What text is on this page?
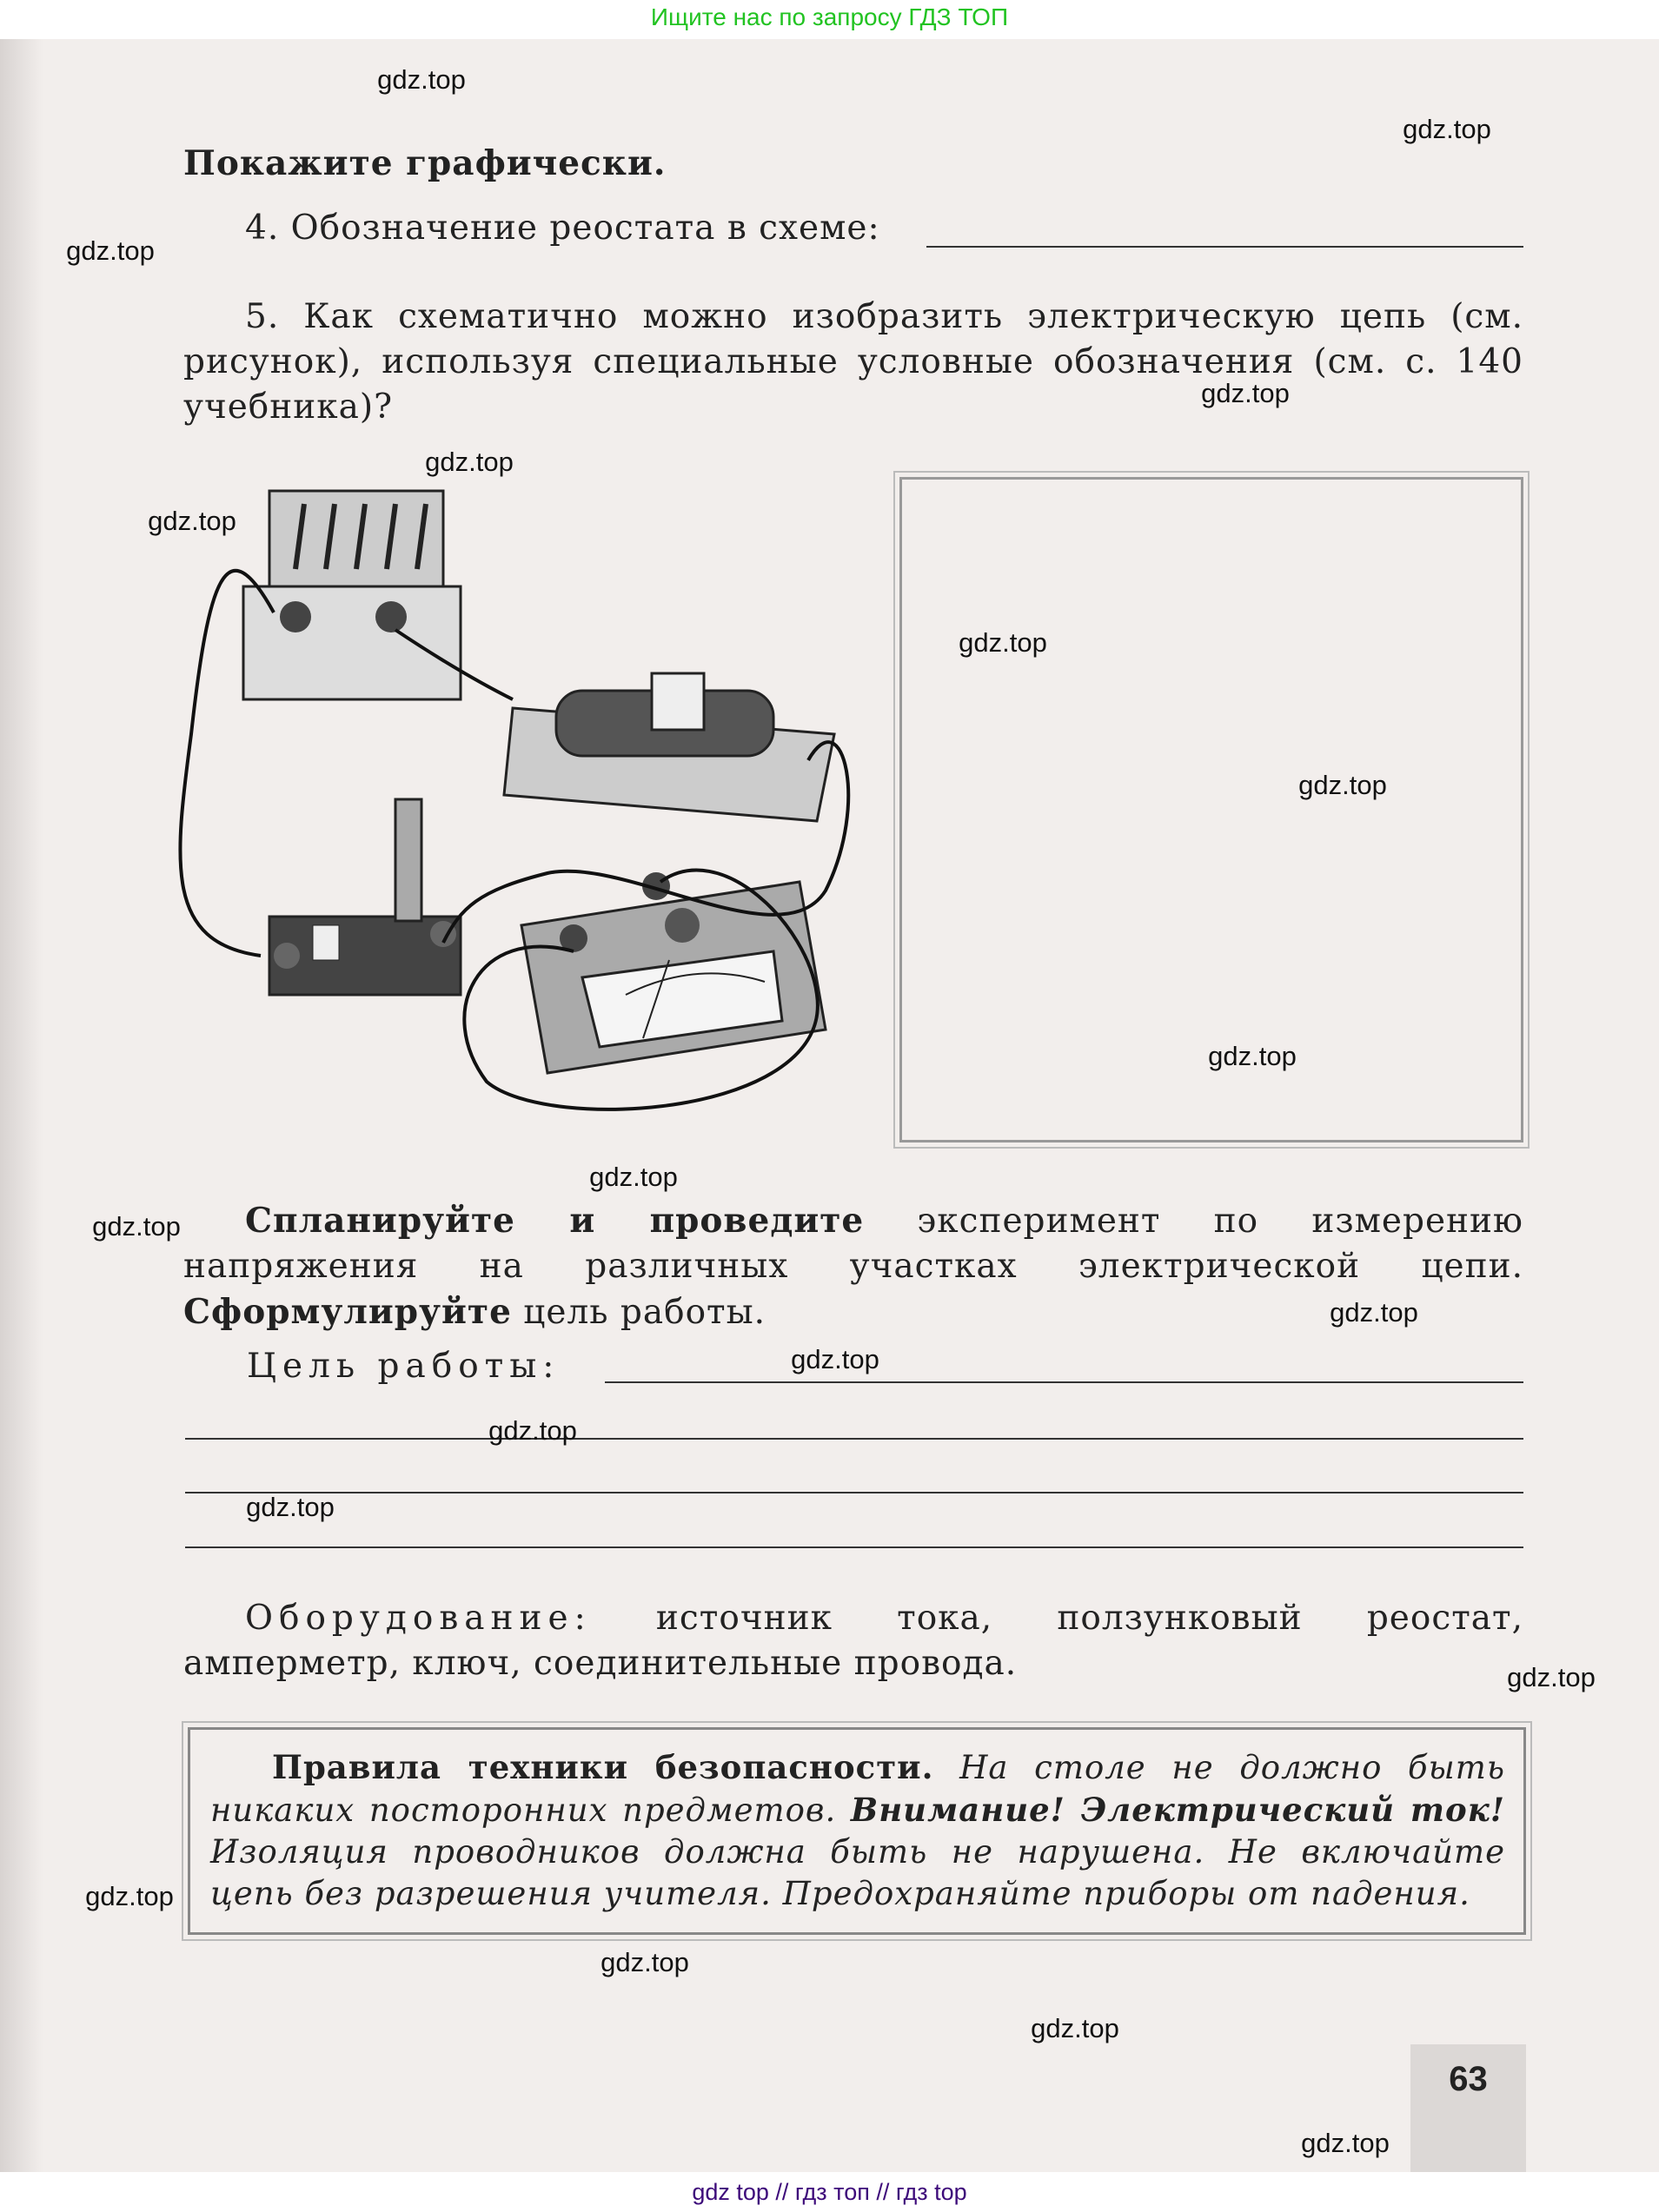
Ищите нас по запросу ГДЗ ТОП
Покажите графически.
4. Обозначение реостата в схеме:
5. Как схематично можно изобразить электрическую цепь (см. рисунок), используя специальные условные обозначения (см. с. 140 учебника)?
Спланируйте и проведите эксперимент по измерению напряжения на различных участках электрической цепи. Сформулируйте цель работы.
Цель работы:
Оборудование: источник тока, ползунковый реостат, амперметр, ключ, соединительные провода.
Правила техники безопасности. На столе не должно быть никаких посторонних предметов. Внимание! Электрический ток! Изоляция проводников должна быть не нарушена. Не включайте цепь без разрешения учителя. Предохраняйте приборы от падения.
63
gdz.top
gdz.top
gdz.top
gdz.top
gdz.top
gdz.top
gdz.top
gdz.top
gdz.top
gdz.top
gdz.top
gdz.top
gdz.top
gdz.top
gdz.top
gdz.top
gdz.top
gdz.top
gdz.top
gdz.top
gdz top // гдз топ // гдз top
